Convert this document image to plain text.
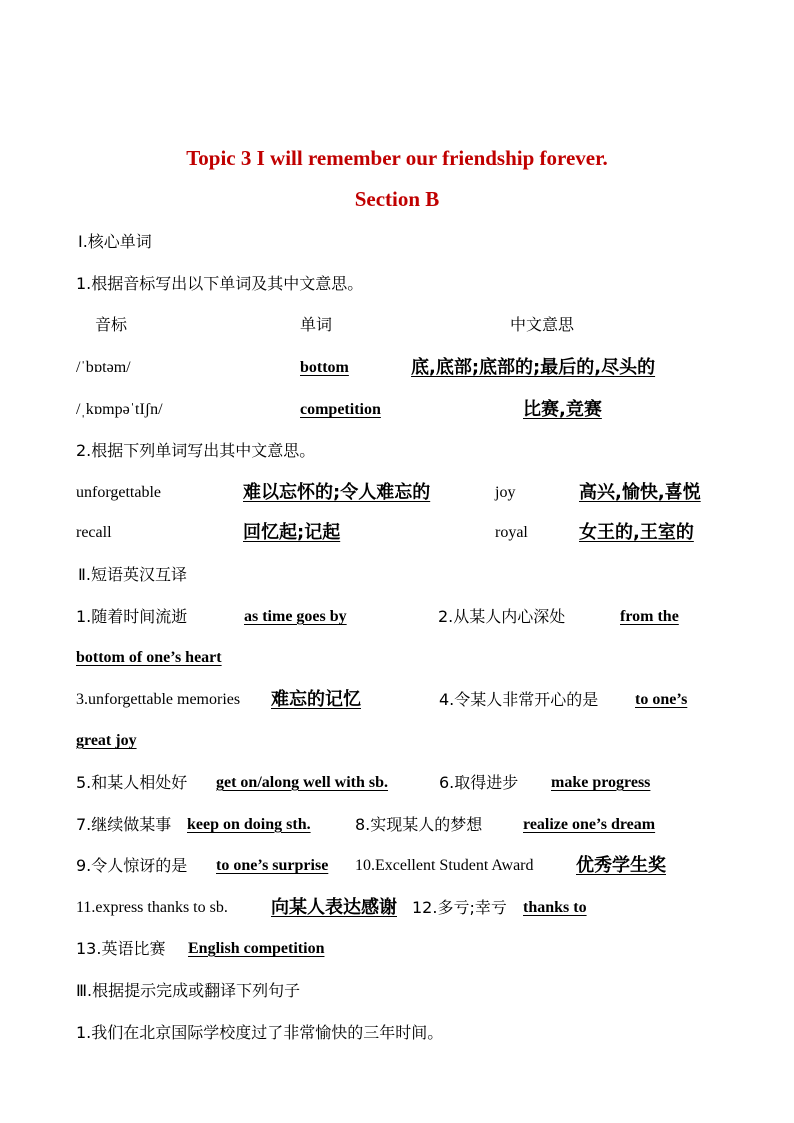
Topic 3 I will remember our friendship forever.
Section B
Ⅰ.核心单词
1.根据音标写出以下单词及其中文意思。
音标	单词	中文意思
/ˈbɒtəm/	bottom	底,底部;底部的;最后的,尽头的
/ˌkɒmpəˈtIʃn/	competition	比赛,竞赛
2.根据下列单词写出其中文意思。
unforgettable	难以忘怀的;令人难忘的	joy	高兴,愉快,喜悦
recall	回忆起;记起	royal	女王的,王室的
Ⅱ.短语英汉互译
1.随着时间流逝	as time goes by	2.从某人内心深处	from the
bottom of one’s heart
3.unforgettable memories 难忘的记忆	4.令某人非常开心的是 to one’s
great joy
5.和某人相处好 get on/along well with sb.	6.取得进步 make progress
7.继续做某事 keep on doing sth.	8.实现某人的梦想	realize one’s dream
9.令人惊讶的是 to one’s surprise 10.Excellent Student Award 优秀学生奖
11.express thanks to sb. 向某人表达感谢 12.多亏;幸亏 thanks to
13.英语比赛 English competition
Ⅲ.根据提示完成或翻译下列句子
1.我们在北京国际学校度过了非常愉快的三年时间。
